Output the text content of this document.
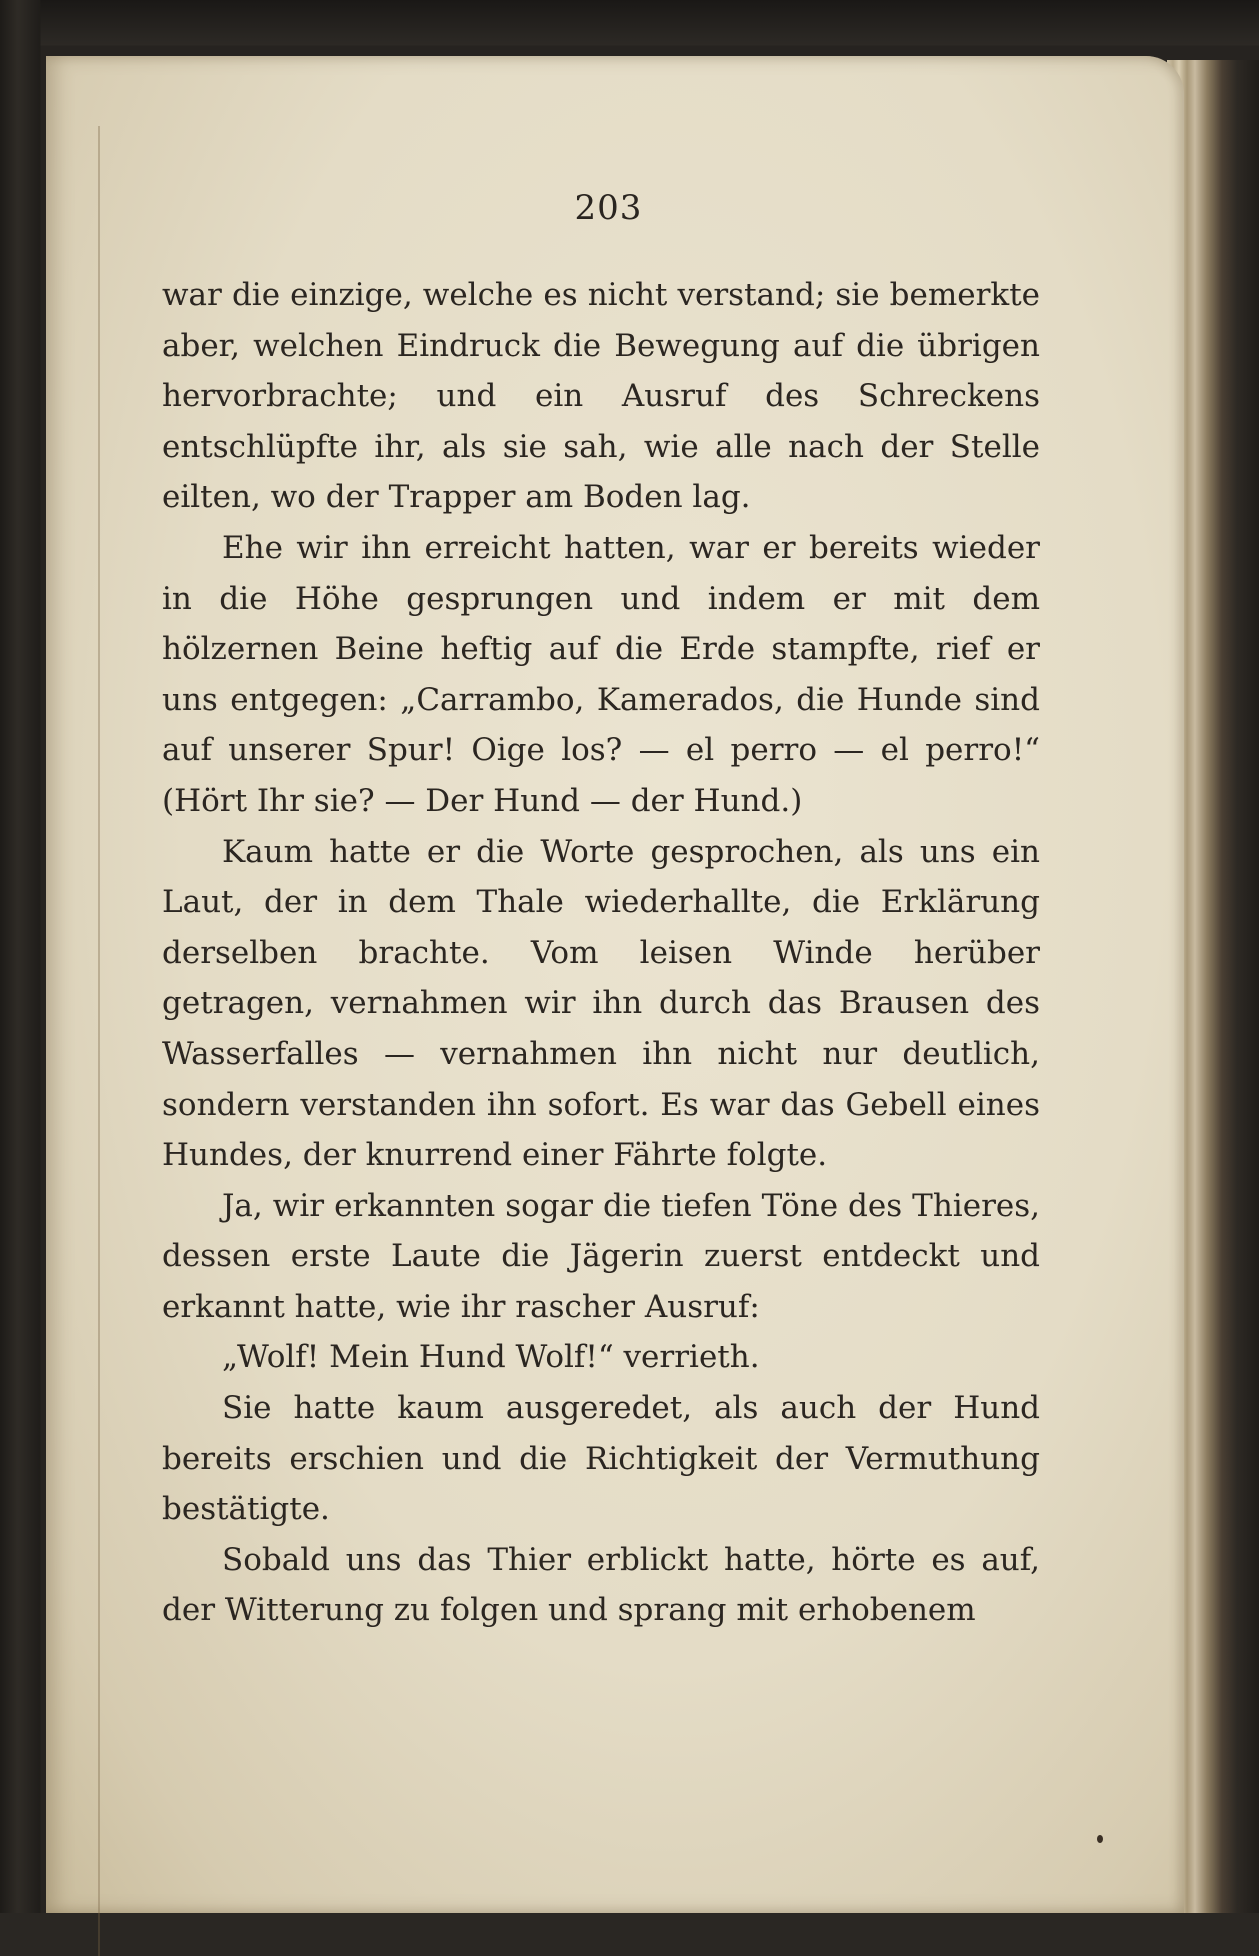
203

war die einzige, welche es nicht verstand; sie bemerkte aber, welchen Eindruck die Bewegung auf die übrigen hervorbrachte; und ein Ausruf des Schreckens entschlüpfte ihr, als sie sah, wie alle nach der Stelle eilten, wo der Trapper am Boden lag.

Ehe wir ihn erreicht hatten, war er bereits wieder in die Höhe gesprungen und indem er mit dem hölzernen Beine heftig auf die Erde stampfte, rief er uns entgegen: „Carrambo, Kamerados, die Hunde sind auf unserer Spur! Oige los? — el perro — el perro!“ (Hört Ihr sie? — Der Hund — der Hund.)

Kaum hatte er die Worte gesprochen, als uns ein Laut, der in dem Thale wiederhallte, die Erklärung derselben brachte. Vom leisen Winde herüber getragen, vernahmen wir ihn durch das Brausen des Wasserfalles — vernahmen ihn nicht nur deutlich, sondern verstanden ihn sofort. Es war das Gebell eines Hundes, der knurrend einer Fährte folgte.

Ja, wir erkannten sogar die tiefen Töne des Thieres, dessen erste Laute die Jägerin zuerst entdeckt und erkannt hatte, wie ihr rascher Ausruf:

„Wolf! Mein Hund Wolf!“ verrieth.

Sie hatte kaum ausgeredet, als auch der Hund bereits erschien und die Richtigkeit der Vermuthung bestätigte.

Sobald uns das Thier erblickt hatte, hörte es auf, der Witterung zu folgen und sprang mit erhobenem
